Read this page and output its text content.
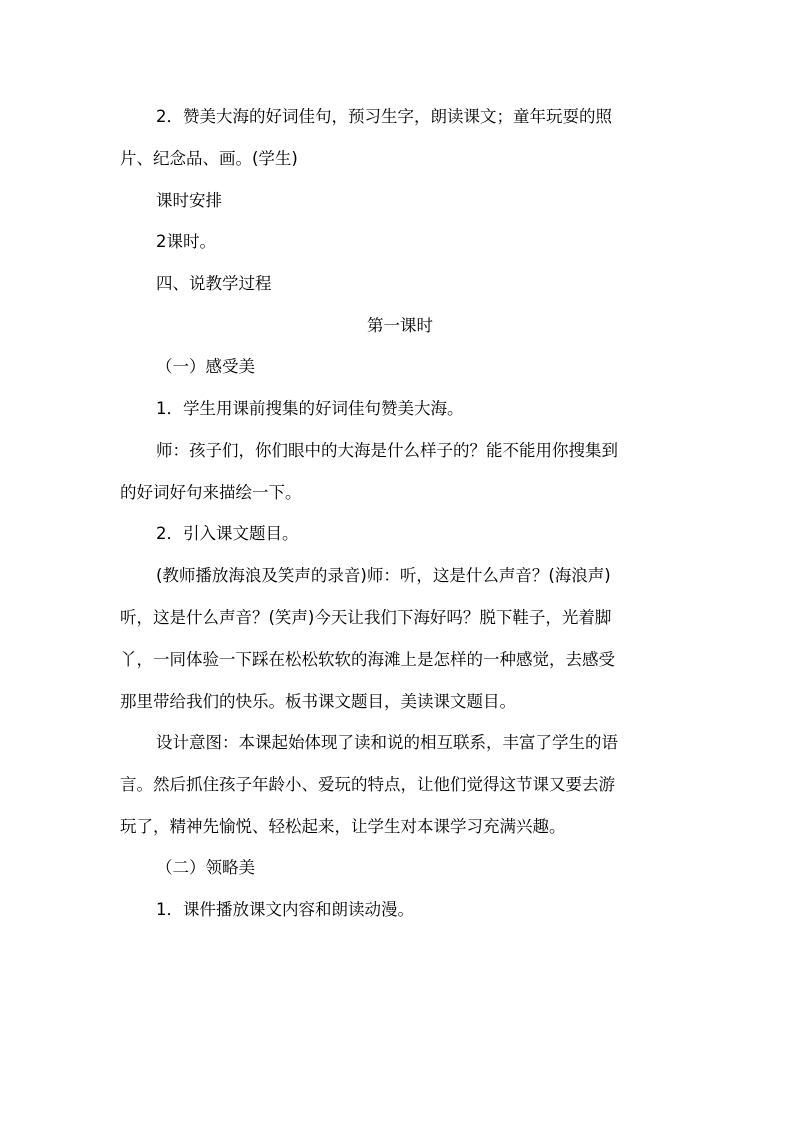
2．赞美大海的好词佳句，预习生字，朗读课文；童年玩耍的照
片、纪念品、画。(学生)
课时安排
2课时。
四、说教学过程
第一课时
（一）感受美
1．学生用课前搜集的好词佳句赞美大海。
师：孩子们，你们眼中的大海是什么样子的？能不能用你搜集到
的好词好句来描绘一下。
2．引入课文题目。
(教师播放海浪及笑声的录音)师：听，这是什么声音？(海浪声)
听，这是什么声音？(笑声)今天让我们下海好吗？脱下鞋子，光着脚
丫，一同体验一下踩在松松软软的海滩上是怎样的一种感觉，去感受
那里带给我们的快乐。板书课文题目，美读课文题目。
设计意图：本课起始体现了读和说的相互联系，丰富了学生的语
言。然后抓住孩子年龄小、爱玩的特点，让他们觉得这节课又要去游
玩了，精神先愉悦、轻松起来，让学生对本课学习充满兴趣。
（二）领略美
1．课件播放课文内容和朗读动漫。
